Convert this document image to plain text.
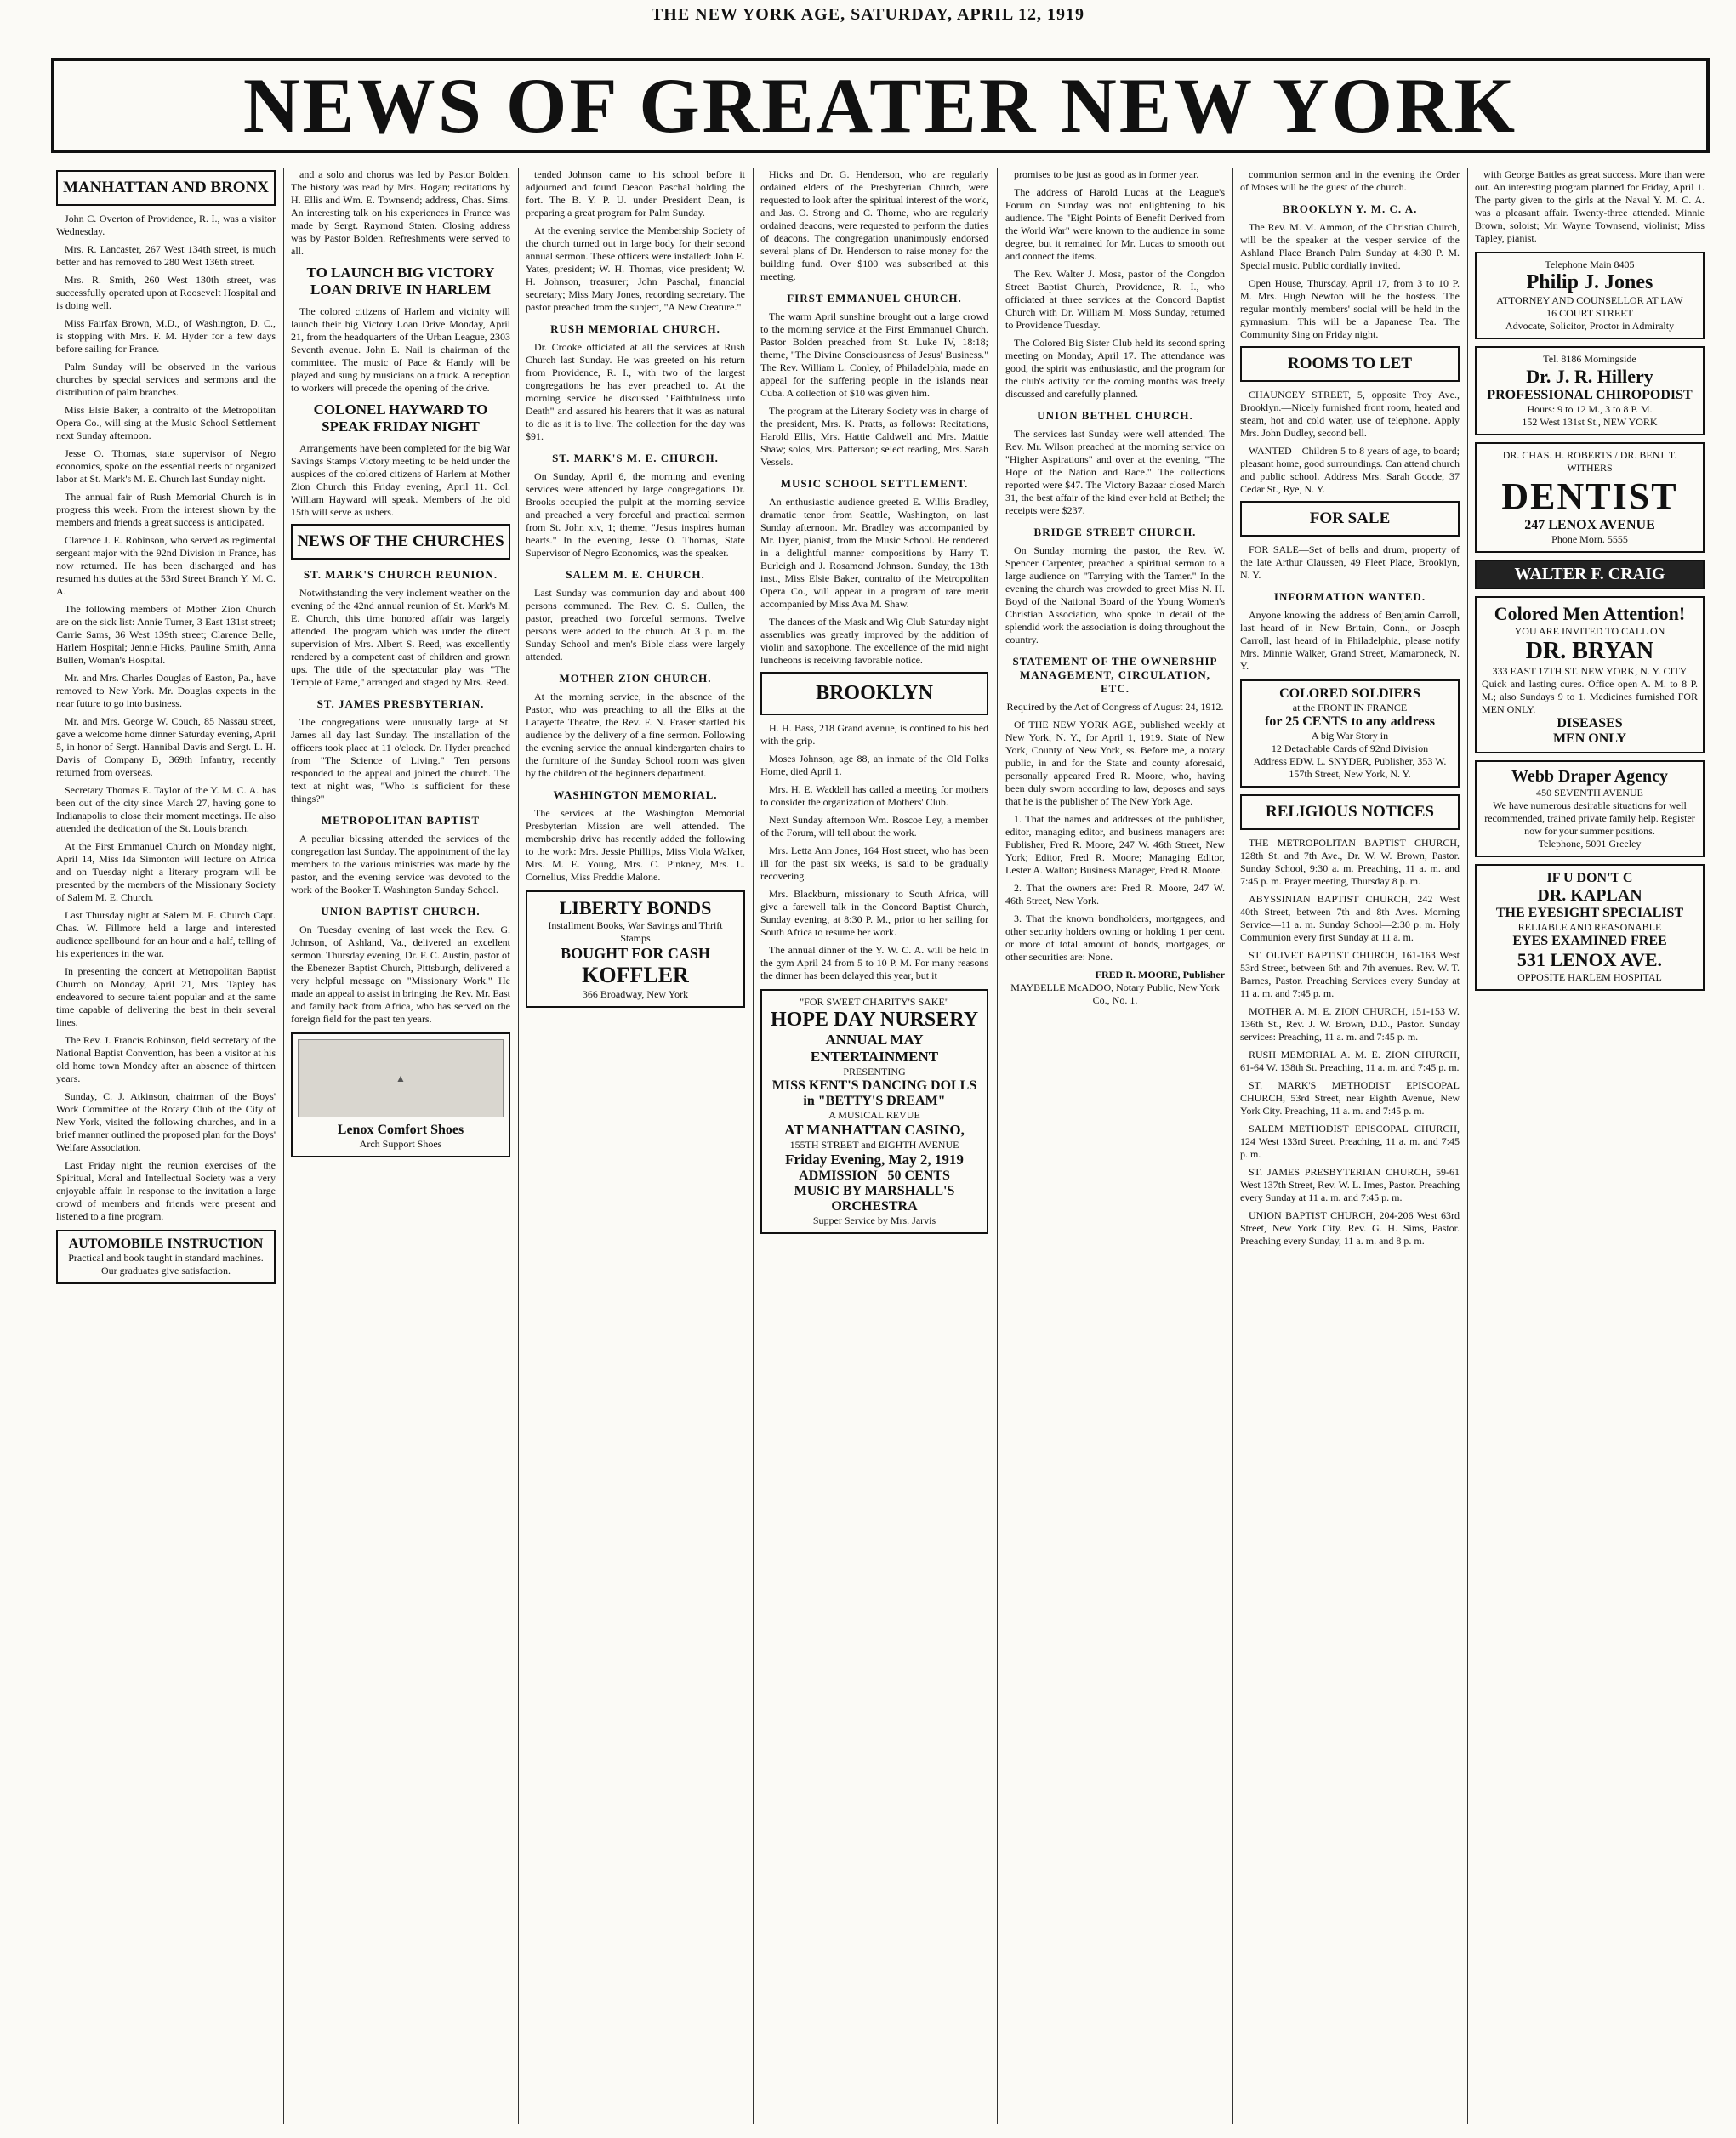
THE NEW YORK AGE, SATURDAY, APRIL 12, 1919
NEWS OF GREATER NEW YORK
MANHATTAN AND BRONX

John C. Overton of Providence, R. I., was a visitor Wednesday.

Mrs. R. Lancaster, 267 West 134th street, is much better and has removed to 280 West 136th street.

Mrs. R. Smith, 260 West 130th street, was successfully operated upon at Roosevelt Hospital and is doing well.

Miss Fairfax Brown, M.D., of Washington, D. C., is stopping with Mrs. F. M. Hyder for a few days before sailing for France.

Palm Sunday will be observed in the various churches by special services and sermons and the distribution of palm branches.

Miss Elsie Baker, a contralto of the Metropolitan Opera Co., will sing at the Music School Settlement next Sunday afternoon.

Jesse O. Thomas, state supervisor of Negro economics, spoke on the essential needs of organized labor at St. Mark's M. E. Church last Sunday night.

The annual fair of Rush Memorial Church is in progress this week. From the interest shown by the members and friends a great success is anticipated.

Clarence J. E. Robinson, who served as regimental sergeant major with the 92nd Division in France, has now returned. He has been discharged and has resumed his duties at the 53rd Street Branch Y. M. C. A.

The following members of Mother Zion Church are on the sick list: Annie Turner, 3 East 131st street; Carrie Sams, 36 West 139th street; Clarence Belle, Harlem Hospital; Jennie Hicks, Pauline Smith, Anna Bullen, Woman's Hospital.

Mr. and Mrs. Charles Douglas of Easton, Pa., have removed to New York. Mr. Douglas expects in the near future to go into business.

Mr. and Mrs. George W. Couch, 85 Nassau street, gave a welcome home dinner Saturday evening, April 5, in honor of Sergt. Hannibal Davis and Sergt. L. H. Davis of Company B, 369th Infantry, recently returned from overseas.

Secretary Thomas E. Taylor of the Y. M. C. A. has been out of the city since March 27, having gone to Indianapolis to close their moment meetings. He also attended the dedication of the St. Louis branch.

At the First Emmanuel Church on Monday night, April 14, Miss Ida Simonton will lecture on Africa and on Tuesday night a literary program will be presented by the members of the Missionary Society of Salem M. E. Church.

Last Thursday night at Salem M. E. Church Capt. Chas. W. Fillmore held a large and interested audience spellbound for an hour and a half, telling of his experiences in the war.

In presenting the concert at Metropolitan Baptist Church on Monday, April 21, Mrs. Tapley has endeavored to secure talent popular and at the same time capable of delivering the best in their several lines.

The Rev. J. Francis Robinson, field secretary of the National Baptist Convention, has been a visitor at his old home town Monday after an absence of thirteen years.

Sunday, C. J. Atkinson, chairman of the Boys' Work Committee of the Rotary Club of the City of New York, visited the following churches, and in a brief manner outlined the proposed plan for the Boys' Welfare Association.

Last Friday night the reunion exercises of the Spiritual, Moral and Intellectual Society was a very enjoyable affair. In response to the invitation a large crowd of members and friends were present and listened to a fine program.

AUTOMOBILE INSTRUCTION
Practical and book taught in standard machines. Our graduates give satisfaction.

and a solo and chorus was led by Pastor Bolden. The history was read by Mrs. Hogan; recitations by H. Ellis and Wm. E. Townsend; address, Chas. Sims. An interesting talk on his experiences in France was made by Sergt. Raymond Staten. Closing address was by Pastor Bolden. Refreshments were served to all.

TO LAUNCH BIG VICTORY LOAN DRIVE IN HARLEM

The colored citizens of Harlem and vicinity will launch their big Victory Loan Drive Monday, April 21, from the headquarters of the Urban League, 2303 Seventh avenue. John E. Nail is chairman of the committee. The music of Pace & Handy will be played and sung by musicians on a truck. A reception to workers will precede the opening of the drive.

COLONEL HAYWARD TO SPEAK FRIDAY NIGHT

Arrangements have been completed for the big War Savings Stamps Victory meeting to be held under the auspices of the colored citizens of Harlem at Mother Zion Church this Friday evening, April 11. Col. William Hayward will speak. Members of the old 15th will serve as ushers.

NEWS OF THE CHURCHES
ST. MARK'S CHURCH REUNION.

Notwithstanding the very inclement weather on the evening of the 42nd annual reunion of St. Mark's M. E. Church, this time honored affair was largely attended. The program which was under the direct supervision of Mrs. Albert S. Reed, was excellently rendered by a competent cast of children and grown ups. The title of the spectacular play was "The Temple of Fame," arranged and staged by Mrs. Reed.

ST. JAMES PRESBYTERIAN.

The congregations were unusually large at St. James all day last Sunday. The installation of the officers took place at 11 o'clock. Dr. Hyder preached from "The Science of Living." Ten persons responded to the appeal and joined the church. The text at night was, "Who is sufficient for these things?"

METROPOLITAN BAPTIST

A peculiar blessing attended the services of the congregation last Sunday. The appointment of the lay members to the various ministries was made by the pastor, and the evening service was devoted to the work of the Booker T. Washington Sunday School.

UNION BAPTIST CHURCH.

On Tuesday evening of last week the Rev. G. Johnson, of Ashland, Va., delivered an excellent sermon. Thursday evening, Dr. F. C. Austin, pastor of the Ebenezer Baptist Church, Pittsburgh, delivered a very helpful message on "Missionary Work." He made an appeal to assist in bringing the Rev. Mr. East and family back from Africa, who has served on the foreign field for the past ten years.

▲
Lenox Comfort Shoes
Arch Support Shoes

tended Johnson came to his school before it adjourned and found Deacon Paschal holding the fort. The B. Y. P. U. under President Dean, is preparing a great program for Palm Sunday.

At the evening service the Membership Society of the church turned out in large body for their second annual sermon. These officers were installed: John E. Yates, president; W. H. Thomas, vice president; W. H. Johnson, treasurer; John Paschal, financial secretary; Miss Mary Jones, recording secretary. The pastor preached from the subject, "A New Creature."

RUSH MEMORIAL CHURCH.

Dr. Crooke officiated at all the services at Rush Church last Sunday. He was greeted on his return from Providence, R. I., with two of the largest congregations he has ever preached to. At the morning service he discussed "Faithfulness unto Death" and assured his hearers that it was as natural to die as it is to live. The collection for the day was $91.

ST. MARK'S M. E. CHURCH.

On Sunday, April 6, the morning and evening services were attended by large congregations. Dr. Brooks occupied the pulpit at the morning service and preached a very forceful and practical sermon from St. John xiv, 1; theme, "Jesus inspires human hearts." In the evening, Jesse O. Thomas, State Supervisor of Negro Economics, was the speaker.

SALEM M. E. CHURCH.

Last Sunday was communion day and about 400 persons communed. The Rev. C. S. Cullen, the pastor, preached two forceful sermons. Twelve persons were added to the church. At 3 p. m. the Sunday School and men's Bible class were largely attended.

MOTHER ZION CHURCH.

At the morning service, in the absence of the Pastor, who was preaching to all the Elks at the Lafayette Theatre, the Rev. F. N. Fraser startled his audience by the delivery of a fine sermon. Following the evening service the annual kindergarten chairs to the furniture of the Sunday School room was given by the children of the beginners department.

WASHINGTON MEMORIAL.

The services at the Washington Memorial Presbyterian Mission are well attended. The membership drive has recently added the following to the work: Mrs. Jessie Phillips, Miss Viola Walker, Mrs. M. E. Young, Mrs. C. Pinkney, Mrs. L. Cornelius, Miss Freddie Malone.

LIBERTY BONDS
Installment Books, War Savings and Thrift Stamps
BOUGHT FOR CASH
KOFFLER
366 Broadway, New York

Hicks and Dr. G. Henderson, who are regularly ordained elders of the Presbyterian Church, were requested to look after the spiritual interest of the work, and Jas. O. Strong and C. Thorne, who are regularly ordained deacons, were requested to perform the duties of deacons. The congregation unanimously endorsed several plans of Dr. Henderson to raise money for the building fund. Over $100 was subscribed at this meeting.

FIRST EMMANUEL CHURCH.

The warm April sunshine brought out a large crowd to the morning service at the First Emmanuel Church. Pastor Bolden preached from St. Luke IV, 18:18; theme, "The Divine Consciousness of Jesus' Business." The Rev. William L. Conley, of Philadelphia, made an appeal for the suffering people in the islands near Cuba. A collection of $10 was given him.

The program at the Literary Society was in charge of the president, Mrs. K. Pratts, as follows: Recitations, Harold Ellis, Mrs. Hattie Caldwell and Mrs. Mattie Shaw; solos, Mrs. Patterson; select reading, Mrs. Sarah Vessels.

MUSIC SCHOOL SETTLEMENT.

An enthusiastic audience greeted E. Willis Bradley, dramatic tenor from Seattle, Washington, on last Sunday afternoon. Mr. Bradley was accompanied by Mr. Dyer, pianist, from the Music School. He rendered in a delightful manner compositions by Harry T. Burleigh and J. Rosamond Johnson. Sunday, the 13th inst., Miss Elsie Baker, contralto of the Metropolitan Opera Co., will appear in a program of rare merit accompanied by Miss Ava M. Shaw.

The dances of the Mask and Wig Club Saturday night assemblies was greatly improved by the addition of violin and saxophone. The excellence of the mid night luncheons is receiving favorable notice.

BROOKLYN

H. H. Bass, 218 Grand avenue, is confined to his bed with the grip.

Moses Johnson, age 88, an inmate of the Old Folks Home, died April 1.

Mrs. H. E. Waddell has called a meeting for mothers to consider the organization of Mothers' Club.

Next Sunday afternoon Wm. Roscoe Ley, a member of the Forum, will tell about the work.

Mrs. Letta Ann Jones, 164 Host street, who has been ill for the past six weeks, is said to be gradually recovering.

Mrs. Blackburn, missionary to South Africa, will give a farewell talk in the Concord Baptist Church, Sunday evening, at 8:30 P. M., prior to her sailing for South Africa to resume her work.

The annual dinner of the Y. W. C. A. will be held in the gym April 24 from 5 to 10 P. M. For many reasons the dinner has been delayed this year, but it

"FOR SWEET CHARITY'S SAKE"
HOPE DAY NURSERY
ANNUAL MAY ENTERTAINMENT
PRESENTING
MISS KENT'S DANCING DOLLS
in "BETTY'S DREAM"
A MUSICAL REVUE
AT MANHATTAN CASINO,
155TH STREET and EIGHTH AVENUE
Friday Evening, May 2, 1919
ADMISSION 50 CENTS
MUSIC BY MARSHALL'S ORCHESTRA
Supper Service by Mrs. Jarvis

promises to be just as good as in former year.

The address of Harold Lucas at the League's Forum on Sunday was not enlightening to his audience. The "Eight Points of Benefit Derived from the World War" were known to the audience in some degree, but it remained for Mr. Lucas to smooth out and connect the items.

The Rev. Walter J. Moss, pastor of the Congdon Street Baptist Church, Providence, R. I., who officiated at three services at the Concord Baptist Church with Dr. William M. Moss Sunday, returned to Providence Tuesday.

The Colored Big Sister Club held its second spring meeting on Monday, April 17. The attendance was good, the spirit was enthusiastic, and the program for the club's activity for the coming months was freely discussed and carefully planned.

UNION BETHEL CHURCH.

The services last Sunday were well attended. The Rev. Mr. Wilson preached at the morning service on "Higher Aspirations" and over at the evening, "The Hope of the Nation and Race." The collections reported were $47. The Victory Bazaar closed March 31, the best affair of the kind ever held at Bethel; the receipts were $237.

BRIDGE STREET CHURCH.

On Sunday morning the pastor, the Rev. W. Spencer Carpenter, preached a spiritual sermon to a large audience on "Tarrying with the Tamer." In the evening the church was crowded to greet Miss N. H. Boyd of the National Board of the Young Women's Christian Association, who spoke in detail of the splendid work the association is doing throughout the country.

STATEMENT OF THE OWNERSHIP MANAGEMENT, CIRCULATION, ETC.
Required by the Act of Congress of August 24, 1912.

Of THE NEW YORK AGE, published weekly at New York, N. Y., for April 1, 1919. State of New York, County of New York, ss. Before me, a notary public, in and for the State and county aforesaid, personally appeared Fred R. Moore, who, having been duly sworn according to law, deposes and says that he is the publisher of The New York Age.

1. That the names and addresses of the publisher, editor, managing editor, and business managers are: Publisher, Fred R. Moore, 247 W. 46th Street, New York; Editor, Fred R. Moore; Managing Editor, Lester A. Walton; Business Manager, Fred R. Moore.

2. That the owners are: Fred R. Moore, 247 W. 46th Street, New York.

3. That the known bondholders, mortgagees, and other security holders owning or holding 1 per cent. or more of total amount of bonds, mortgages, or other securities are: None.

FRED R. MOORE, Publisher
MAYBELLE McADOO, Notary Public, New York Co., No. 1.

communion sermon and in the evening the Order of Moses will be the guest of the church.

BROOKLYN Y. M. C. A.

The Rev. M. M. Ammon, of the Christian Church, will be the speaker at the vesper service of the Ashland Place Branch Palm Sunday at 4:30 P. M. Special music. Public cordially invited.

Open House, Thursday, April 17, from 3 to 10 P. M. Mrs. Hugh Newton will be the hostess. The regular monthly members' social will be held in the gymnasium. This will be a Japanese Tea. The Community Sing on Friday night.

ROOMS TO LET

CHAUNCEY STREET, 5, opposite Troy Ave., Brooklyn.—Nicely furnished front room, heated and steam, hot and cold water, use of telephone. Apply Mrs. John Dudley, second bell.

WANTED—Children 5 to 8 years of age, to board; pleasant home, good surroundings. Can attend church and public school. Address Mrs. Sarah Goode, 37 Cedar St., Rye, N. Y.

FOR SALE

FOR SALE—Set of bells and drum, property of the late Arthur Claussen, 49 Fleet Place, Brooklyn, N. Y.

INFORMATION WANTED.

Anyone knowing the address of Benjamin Carroll, last heard of in New Britain, Conn., or Joseph Carroll, last heard of in Philadelphia, please notify Mrs. Minnie Walker, Grand Street, Mamaroneck, N. Y.

COLORED SOLDIERS
at the FRONT IN FRANCE
for 25 CENTS to any address
A big War Story in
12 Detachable Cards of 92nd Division
Address EDW. L. SNYDER, Publisher, 353 W. 157th Street, New York, N. Y.
RELIGIOUS NOTICES

THE METROPOLITAN BAPTIST CHURCH, 128th St. and 7th Ave., Dr. W. W. Brown, Pastor. Sunday School, 9:30 a. m. Preaching, 11 a. m. and 7:45 p. m. Prayer meeting, Thursday 8 p. m.

ABYSSINIAN BAPTIST CHURCH, 242 West 40th Street, between 7th and 8th Aves. Morning Service—11 a. m. Sunday School—2:30 p. m. Holy Communion every first Sunday at 11 a. m.

ST. OLIVET BAPTIST CHURCH, 161-163 West 53rd Street, between 6th and 7th avenues. Rev. W. T. Barnes, Pastor. Preaching Services every Sunday at 11 a. m. and 7:45 p. m.

MOTHER A. M. E. ZION CHURCH, 151-153 W. 136th St., Rev. J. W. Brown, D.D., Pastor. Sunday services: Preaching, 11 a. m. and 7:45 p. m.

RUSH MEMORIAL A. M. E. ZION CHURCH, 61-64 W. 138th St. Preaching, 11 a. m. and 7:45 p. m.

ST. MARK'S METHODIST EPISCOPAL CHURCH, 53rd Street, near Eighth Avenue, New York City. Preaching, 11 a. m. and 7:45 p. m.

SALEM METHODIST EPISCOPAL CHURCH, 124 West 133rd Street. Preaching, 11 a. m. and 7:45 p. m.

ST. JAMES PRESBYTERIAN CHURCH, 59-61 West 137th Street, Rev. W. L. Imes, Pastor. Preaching every Sunday at 11 a. m. and 7:45 p. m.

UNION BAPTIST CHURCH, 204-206 West 63rd Street, New York City. Rev. G. H. Sims, Pastor. Preaching every Sunday, 11 a. m. and 8 p. m.

with George Battles as great success. More than were out. An interesting program planned for Friday, April 1. The party given to the girls at the Naval Y. M. C. A. was a pleasant affair. Twenty-three attended. Minnie Brown, soloist; Mr. Wayne Townsend, violinist; Miss Tapley, pianist.

Telephone Main 8405
Philip J. Jones
ATTORNEY AND COUNSELLOR AT LAW
16 COURT STREET
Advocate, Solicitor, Proctor in Admiralty
Tel. 8186 Morningside
Dr. J. R. Hillery
PROFESSIONAL CHIROPODIST
Hours: 9 to 12 M., 3 to 8 P. M.
152 West 131st St., NEW YORK
DR. CHAS. H. ROBERTS / DR. BENJ. T. WITHERS
DENTIST
247 LENOX AVENUE
Phone Morn. 5555
WALTER F. CRAIG
Colored Men Attention!
YOU ARE INVITED TO CALL ON
DR. BRYAN
333 EAST 17TH ST. NEW YORK, N. Y. CITY
Quick and lasting cures. Office open A. M. to 8 P. M.; also Sundays 9 to 1. Medicines furnished FOR MEN ONLY.
DISEASES
MEN ONLY
Webb Draper Agency
450 SEVENTH AVENUE
We have numerous desirable situations for well recommended, trained private family help. Register now for your summer positions.
Telephone, 5091 Greeley
IF U DON'T C
DR. KAPLAN
THE EYESIGHT SPECIALIST
RELIABLE AND REASONABLE
EYES EXAMINED FREE
531 LENOX AVE.
OPPOSITE HARLEM HOSPITAL
